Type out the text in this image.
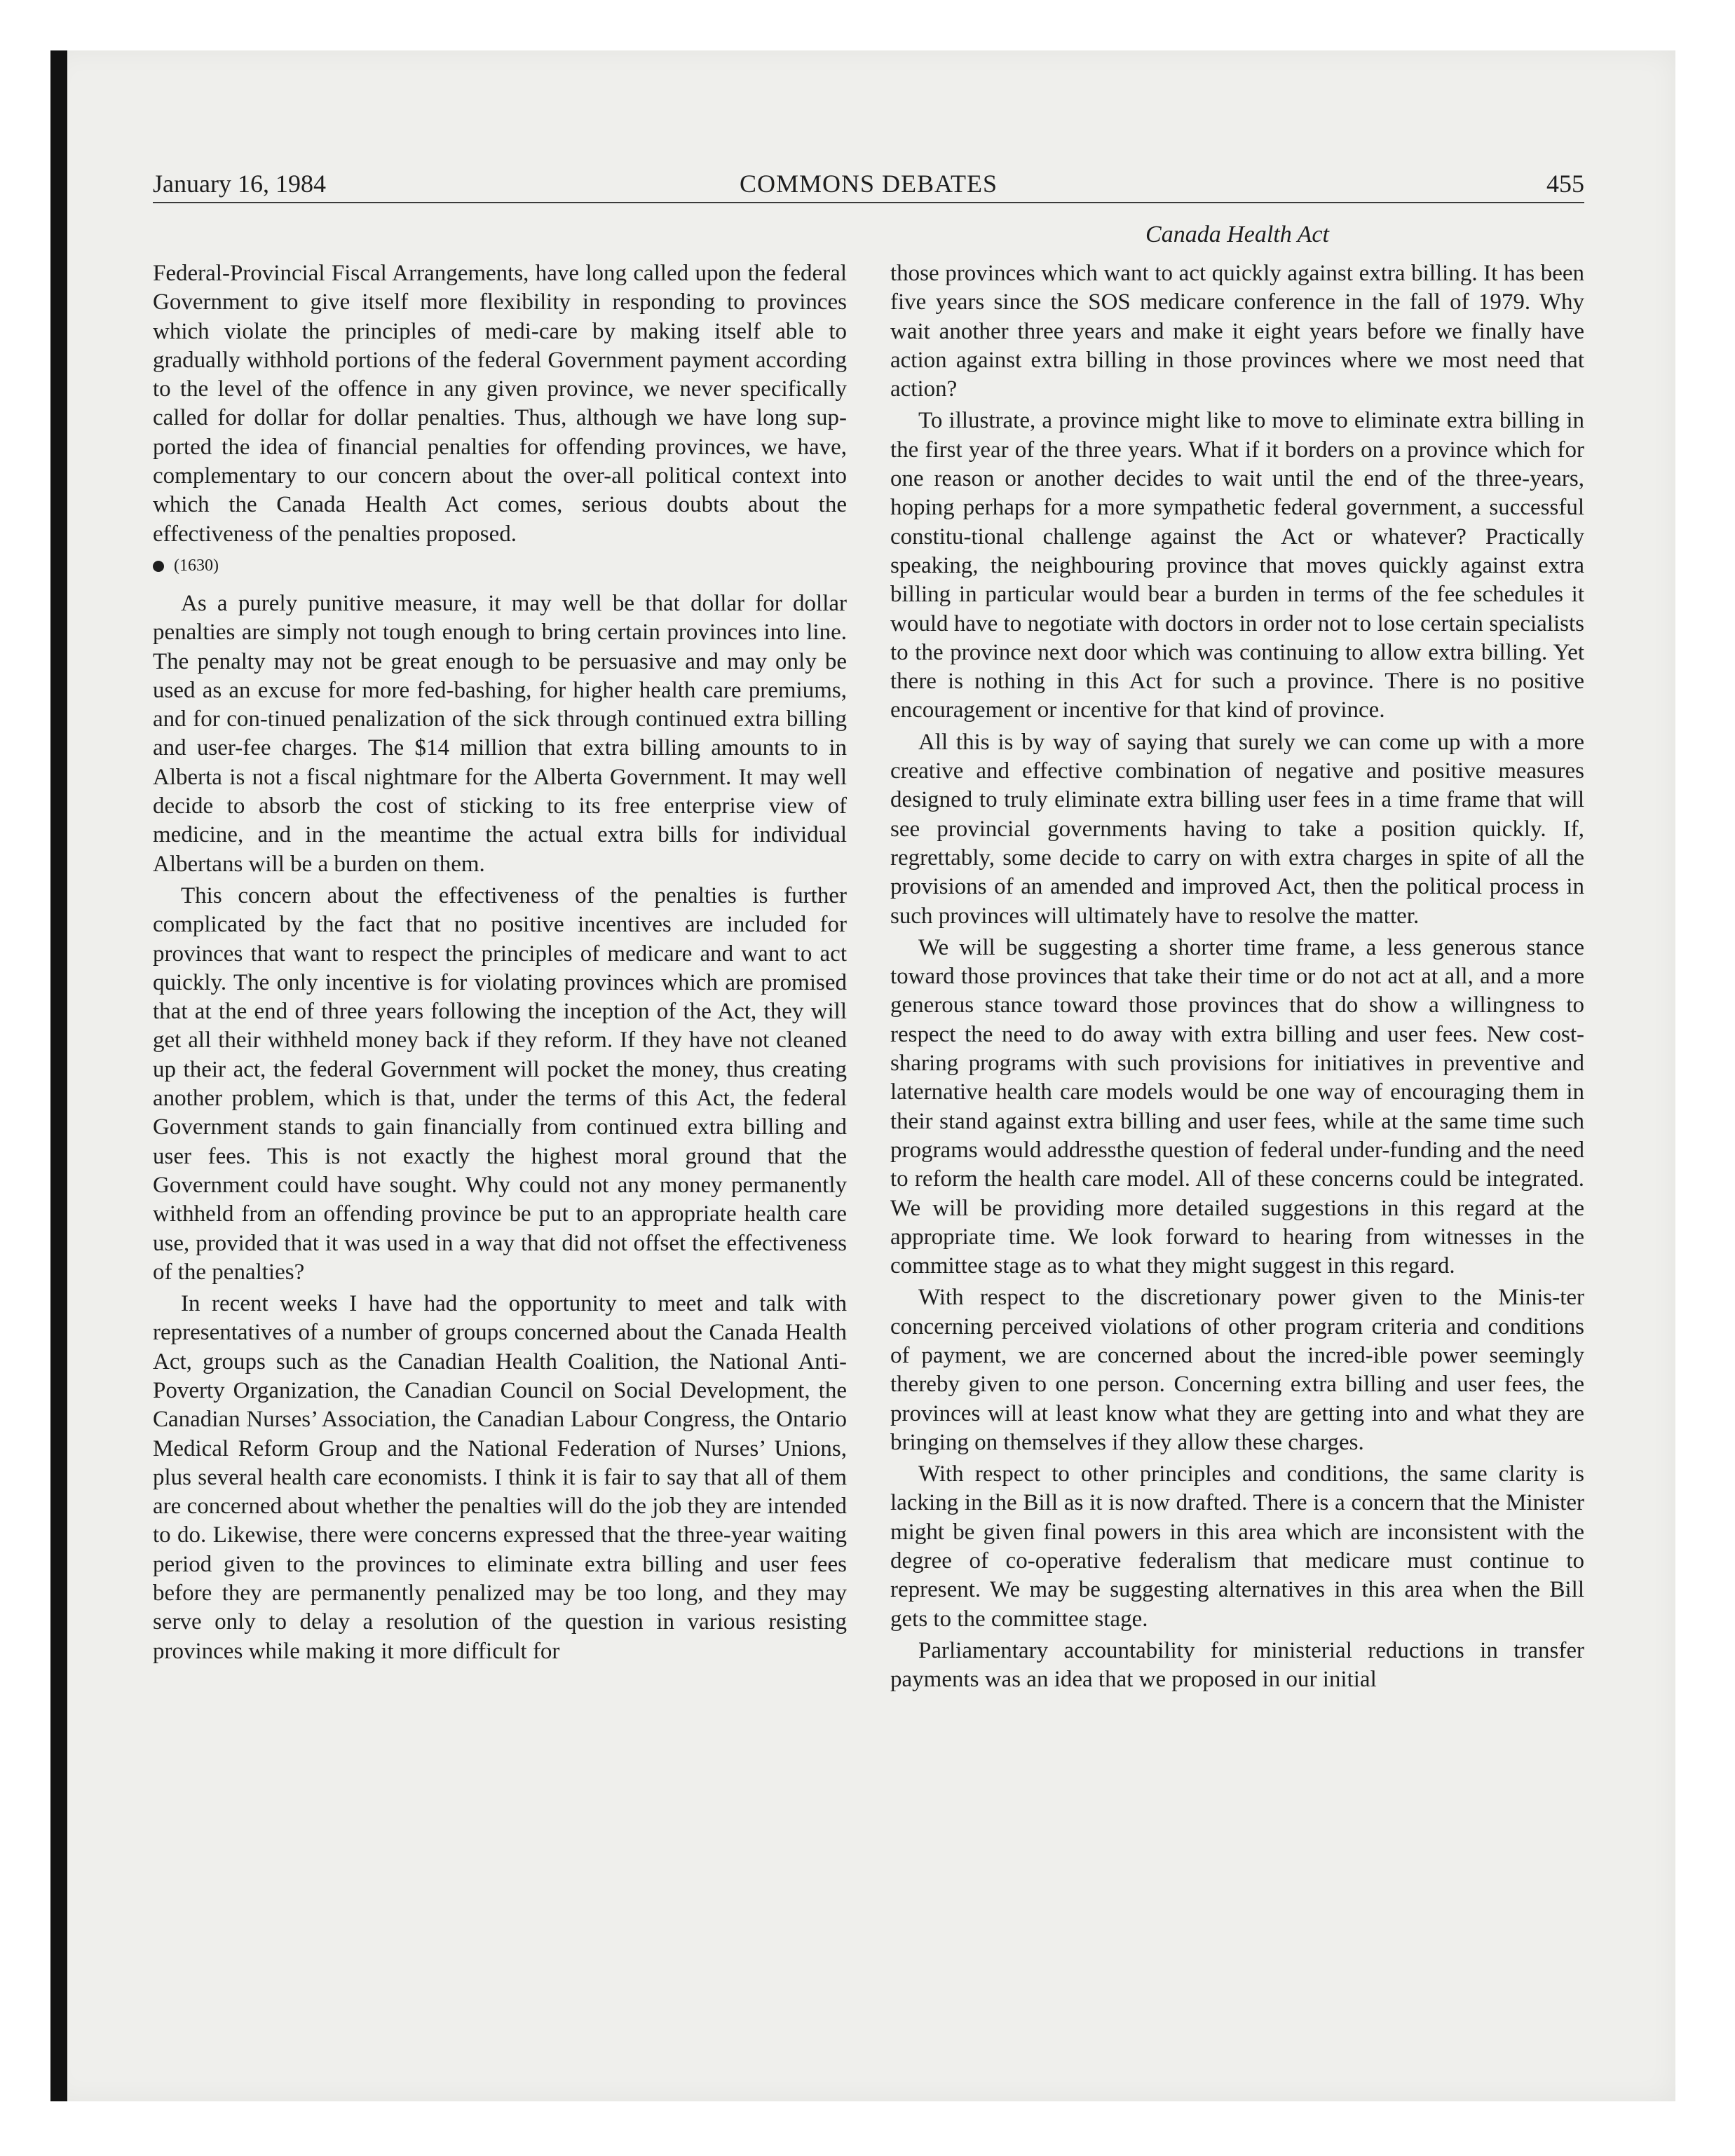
January 16, 1984	COMMONS DEBATES	455
Canada Health Act

Federal-Provincial Fiscal Arrangements, have long called upon the federal Government to give itself more flexibility in responding to provinces which violate the principles of medi-care by making itself able to gradually withhold portions of the federal Government payment according to the level of the offence in any given province, we never specifically called for dollar for dollar penalties. Thus, although we have long sup-ported the idea of financial penalties for offending provinces, we have, complementary to our concern about the over-all political context into which the Canada Health Act comes, serious doubts about the effectiveness of the penalties proposed.

(1630)

As a purely punitive measure, it may well be that dollar for dollar penalties are simply not tough enough to bring certain provinces into line. The penalty may not be great enough to be persuasive and may only be used as an excuse for more fed-bashing, for higher health care premiums, and for con-tinued penalization of the sick through continued extra billing and user-fee charges. The $14 million that extra billing amounts to in Alberta is not a fiscal nightmare for the Alberta Government. It may well decide to absorb the cost of sticking to its free enterprise view of medicine, and in the meantime the actual extra bills for individual Albertans will be a burden on them.

This concern about the effectiveness of the penalties is further complicated by the fact that no positive incentives are included for provinces that want to respect the principles of medicare and want to act quickly. The only incentive is for violating provinces which are promised that at the end of three years following the inception of the Act, they will get all their withheld money back if they reform. If they have not cleaned up their act, the federal Government will pocket the money, thus creating another problem, which is that, under the terms of this Act, the federal Government stands to gain financially from continued extra billing and user fees. This is not exactly the highest moral ground that the Government could have sought. Why could not any money permanently withheld from an offending province be put to an appropriate health care use, provided that it was used in a way that did not offset the effectiveness of the penalties?

In recent weeks I have had the opportunity to meet and talk with representatives of a number of groups concerned about the Canada Health Act, groups such as the Canadian Health Coalition, the National Anti-Poverty Organization, the Canadian Council on Social Development, the Canadian Nurses’ Association, the Canadian Labour Congress, the Ontario Medical Reform Group and the National Federation of Nurses’ Unions, plus several health care economists. I think it is fair to say that all of them are concerned about whether the penalties will do the job they are intended to do. Likewise, there were concerns expressed that the three-year waiting period given to the provinces to eliminate extra billing and user fees before they are permanently penalized may be too long, and they may serve only to delay a resolution of the question in various resisting provinces while making it more difficult for

those provinces which want to act quickly against extra billing. It has been five years since the SOS medicare conference in the fall of 1979. Why wait another three years and make it eight years before we finally have action against extra billing in those provinces where we most need that action?

To illustrate, a province might like to move to eliminate extra billing in the first year of the three years. What if it borders on a province which for one reason or another decides to wait until the end of the three-years, hoping perhaps for a more sympathetic federal government, a successful constitu-tional challenge against the Act or whatever? Practically speaking, the neighbouring province that moves quickly against extra billing in particular would bear a burden in terms of the fee schedules it would have to negotiate with doctors in order not to lose certain specialists to the province next door which was continuing to allow extra billing. Yet there is nothing in this Act for such a province. There is no positive encouragement or incentive for that kind of province.

All this is by way of saying that surely we can come up with a more creative and effective combination of negative and positive measures designed to truly eliminate extra billing user fees in a time frame that will see provincial governments having to take a position quickly. If, regrettably, some decide to carry on with extra charges in spite of all the provisions of an amended and improved Act, then the political process in such provinces will ultimately have to resolve the matter.

We will be suggesting a shorter time frame, a less generous stance toward those provinces that take their time or do not act at all, and a more generous stance toward those provinces that do show a willingness to respect the need to do away with extra billing and user fees. New cost-sharing programs with such provisions for initiatives in preventive and laternative health care models would be one way of encouraging them in their stand against extra billing and user fees, while at the same time such programs would addressthe question of federal under-funding and the need to reform the health care model. All of these concerns could be integrated. We will be providing more detailed suggestions in this regard at the appropriate time. We look forward to hearing from witnesses in the committee stage as to what they might suggest in this regard.

With respect to the discretionary power given to the Minis-ter concerning perceived violations of other program criteria and conditions of payment, we are concerned about the incred-ible power seemingly thereby given to one person. Concerning extra billing and user fees, the provinces will at least know what they are getting into and what they are bringing on themselves if they allow these charges.

With respect to other principles and conditions, the same clarity is lacking in the Bill as it is now drafted. There is a concern that the Minister might be given final powers in this area which are inconsistent with the degree of co-operative federalism that medicare must continue to represent. We may be suggesting alternatives in this area when the Bill gets to the committee stage.

Parliamentary accountability for ministerial reductions in transfer payments was an idea that we proposed in our initial
